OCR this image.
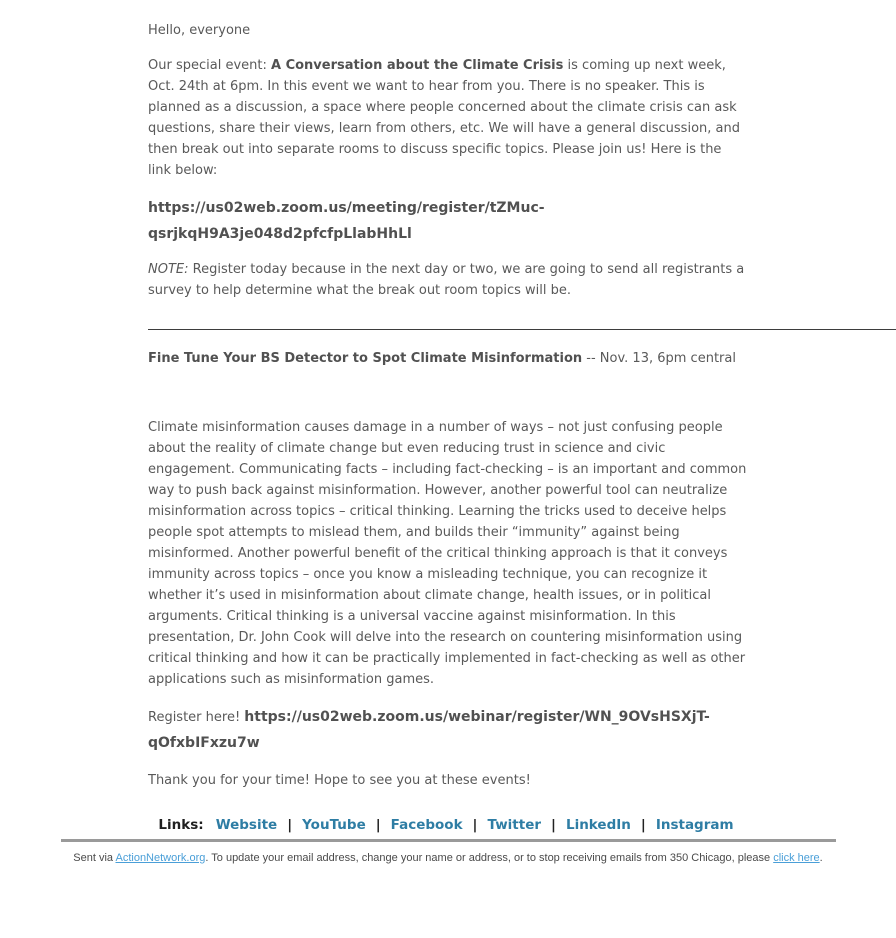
Hello, everyone

Our special event: A Conversation about the Climate Crisis is coming up next week, Oct. 24th at 6pm. In this event we want to hear from you. There is no speaker. This is planned as a discussion, a space where people concerned about the climate crisis can ask questions, share their views, learn from others, etc. We will have a general discussion, and then break out into separate rooms to discuss specific topics. Please join us! Here is the link below:

https://us02web.zoom.us/meeting/register/tZMuc-qsrjkqH9A3je048d2pfcfpLlabHhLl

NOTE: Register today because in the next day or two, we are going to send all registrants a survey to help determine what the break out room topics will be.

Fine Tune Your BS Detector to Spot Climate Misinformation -- Nov. 13, 6pm central

Climate misinformation causes damage in a number of ways – not just confusing people about the reality of climate change but even reducing trust in science and civic engagement. Communicating facts – including fact-checking – is an important and common way to push back against misinformation. However, another powerful tool can neutralize misinformation across topics – critical thinking. Learning the tricks used to deceive helps people spot attempts to mislead them, and builds their “immunity” against being misinformed. Another powerful benefit of the critical thinking approach is that it conveys immunity across topics – once you know a misleading technique, you can recognize it whether it’s used in misinformation about climate change, health issues, or in political arguments. Critical thinking is a universal vaccine against misinformation. In this presentation, Dr. John Cook will delve into the research on countering misinformation using critical thinking and how it can be practically implemented in fact-checking as well as other applications such as misinformation games.

Register here! https://us02web.zoom.us/webinar/register/WN_9OVsHSXjT-qOfxbIFxzu7w

Thank you for your time! Hope to see you at these events!

Links: Website | YouTube | Facebook | Twitter | LinkedIn | Instagram
Sent via ActionNetwork.org. To update your email address, change your name or address, or to stop receiving emails from 350 Chicago, please click here.
